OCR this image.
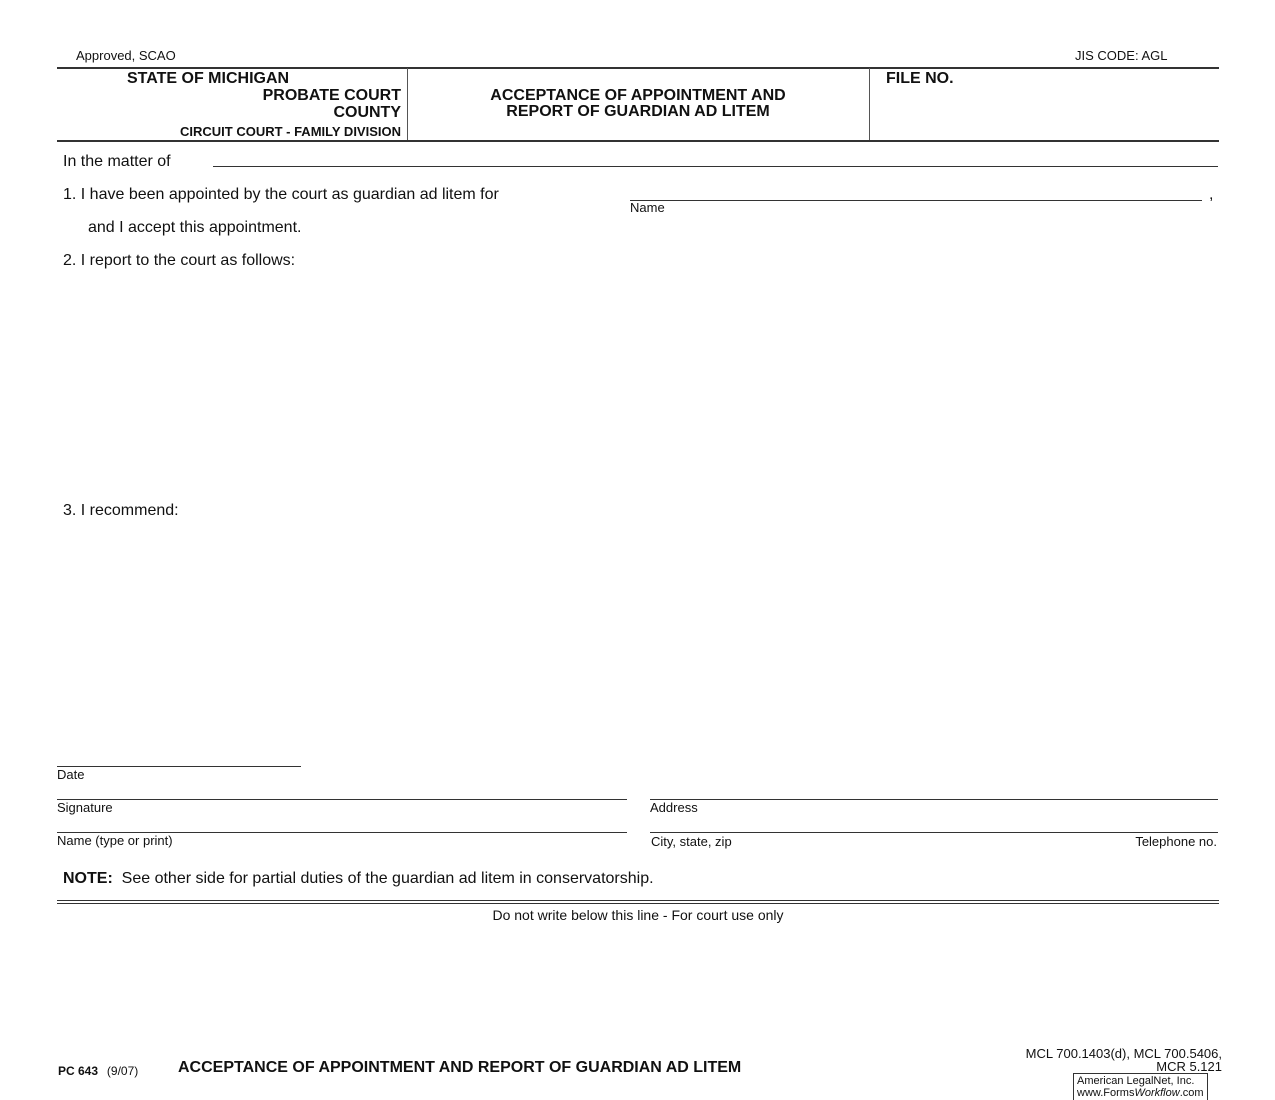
Approved, SCAO	JIS CODE: AGL
STATE OF MICHIGAN
PROBATE COURT
COUNTY
CIRCUIT COURT - FAMILY DIVISION
ACCEPTANCE OF APPOINTMENT AND
REPORT OF GUARDIAN AD LITEM
FILE NO.
In the matter of
1. I have been appointed by the court as guardian ad litem for
Name
,
and I accept this appointment.
2. I report to the court as follows:
3. I recommend:
Date
Signature	Address
Name (type or print)	City, state, zip	Telephone no.
NOTE: See other side for partial duties of the guardian ad litem in conservatorship.
Do not write below this line - For court use only
PC 643 (9/07) ACCEPTANCE OF APPOINTMENT AND REPORT OF GUARDIAN AD LITEM
MCL 700.1403(d), MCL 700.5406,
MCR 5.121
American LegalNet, Inc.
www.FormsWorkflow.com
